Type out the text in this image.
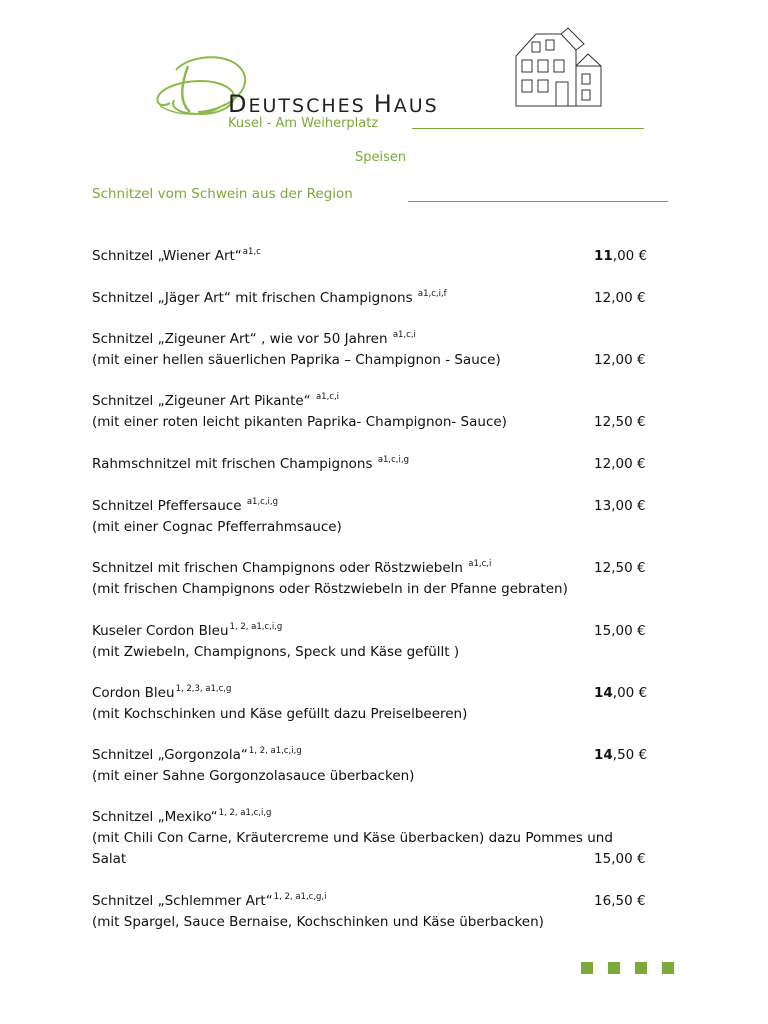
DEUTSCHES HAUS
Kusel - Am Weiherplatz
Speisen
Schnitzel vom Schwein aus der Region
Schnitzel „Wiener Art“$^{a1,c}$	11,00 €
Schnitzel „Jäger Art“ mit frischen Champignons $^{a1,c,i,f}$	12,00 €
Schnitzel „Zigeuner Art“ , wie vor 50 Jahren $^{a1,c,i}$
(mit einer hellen säuerlichen Paprika – Champignon - Sauce)	12,00 €
Schnitzel „Zigeuner Art Pikante“ $^{a1,c,i}$
(mit einer roten leicht pikanten Paprika- Champignon- Sauce)	12,50 €
Rahmschnitzel mit frischen Champignons $^{a1,c,i,g}$	12,00 €
Schnitzel Pfeffersauce $^{a1,c,i,g}$	13,00 €
(mit einer Cognac Pfefferrahmsauce)
Schnitzel mit frischen Champignons oder Röstzwiebeln $^{a1,c,i}$	12,50 €
(mit frischen Champignons oder Röstzwiebeln in der Pfanne gebraten)
Kuseler Cordon Bleu$^{1, 2, a1,c,i,g}$	15,00 €
(mit Zwiebeln, Champignons, Speck und Käse gefüllt )
Cordon Bleu$^{1, 2,3, a1,c,g}$	14,00 €
(mit Kochschinken und Käse gefüllt dazu Preiselbeeren)
Schnitzel „Gorgonzola“$^{1, 2, a1,c,i,g}$	14,50 €
(mit einer Sahne Gorgonzolasauce überbacken)
Schnitzel „Mexiko“$^{1, 2, a1,c,i,g}$
(mit Chili Con Carne, Kräutercreme und Käse überbacken) dazu Pommes und
Salat	15,00 €
Schnitzel „Schlemmer Art“$^{1, 2, a1,c,g,i}$	16,50 €
(mit Spargel, Sauce Bernaise, Kochschinken und Käse überbacken)
